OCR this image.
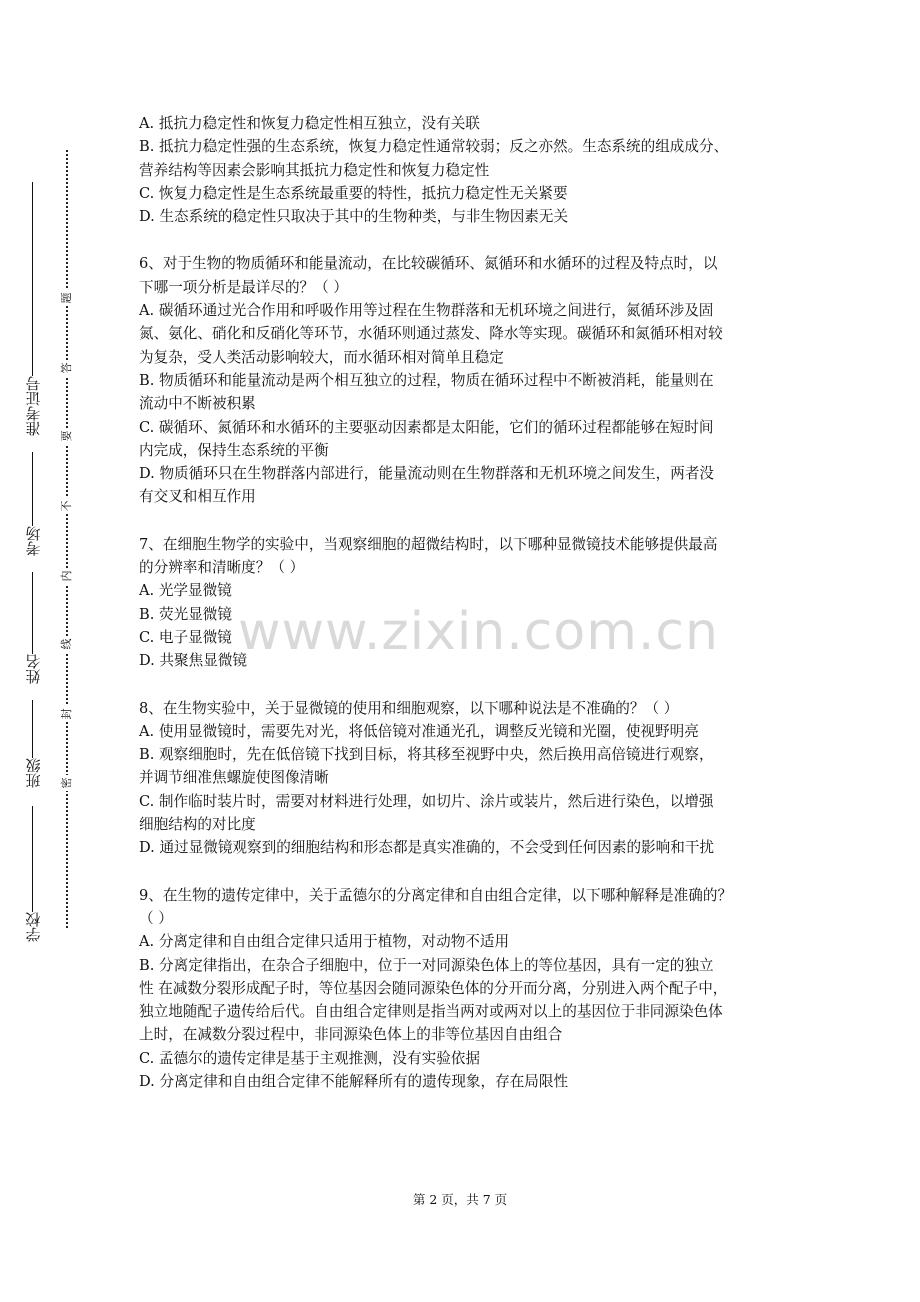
学校
班级
姓名
考场
准考证号
密
封
线
内
不
要
答
题
www.zixin.com.cn
A. 抵抗力稳定性和恢复力稳定性相互独立，没有关联
B. 抵抗力稳定性强的生态系统，恢复力稳定性通常较弱；反之亦然。生态系统的组成成分、
营养结构等因素会影响其抵抗力稳定性和恢复力稳定性
C. 恢复力稳定性是生态系统最重要的特性，抵抗力稳定性无关紧要
D. 生态系统的稳定性只取决于其中的生物种类，与非生物因素无关
6、对于生物的物质循环和能量流动，在比较碳循环、氮循环和水循环的过程及特点时，以
下哪一项分析是最详尽的？（ ）
A. 碳循环通过光合作用和呼吸作用等过程在生物群落和无机环境之间进行，氮循环涉及固
氮、氨化、硝化和反硝化等环节，水循环则通过蒸发、降水等实现。碳循环和氮循环相对较
为复杂，受人类活动影响较大，而水循环相对简单且稳定
B. 物质循环和能量流动是两个相互独立的过程，物质在循环过程中不断被消耗，能量则在
流动中不断被积累
C. 碳循环、氮循环和水循环的主要驱动因素都是太阳能，它们的循环过程都能够在短时间
内完成，保持生态系统的平衡
D. 物质循环只在生物群落内部进行，能量流动则在生物群落和无机环境之间发生，两者没
有交叉和相互作用
7、在细胞生物学的实验中，当观察细胞的超微结构时，以下哪种显微镜技术能够提供最高
的分辨率和清晰度？（ ）
A. 光学显微镜
B. 荧光显微镜
C. 电子显微镜
D. 共聚焦显微镜
8、在生物实验中，关于显微镜的使用和细胞观察，以下哪种说法是不准确的？（ ）
A. 使用显微镜时，需要先对光，将低倍镜对准通光孔，调整反光镜和光圈，使视野明亮
B. 观察细胞时，先在低倍镜下找到目标，将其移至视野中央，然后换用高倍镜进行观察，
并调节细准焦螺旋使图像清晰
C. 制作临时装片时，需要对材料进行处理，如切片、涂片或装片，然后进行染色，以增强
细胞结构的对比度
D. 通过显微镜观察到的细胞结构和形态都是真实准确的，不会受到任何因素的影响和干扰
9、在生物的遗传定律中，关于孟德尔的分离定律和自由组合定律，以下哪种解释是准确的？
（ ）
A. 分离定律和自由组合定律只适用于植物，对动物不适用
B. 分离定律指出，在杂合子细胞中，位于一对同源染色体上的等位基因，具有一定的独立
性 在减数分裂形成配子时，等位基因会随同源染色体的分开而分离，分别进入两个配子中，
独立地随配子遗传给后代。自由组合定律则是指当两对或两对以上的基因位于非同源染色体
上时，在减数分裂过程中，非同源染色体上的非等位基因自由组合
C. 孟德尔的遗传定律是基于主观推测，没有实验依据
D. 分离定律和自由组合定律不能解释所有的遗传现象，存在局限性
第 2 页，共 7 页
